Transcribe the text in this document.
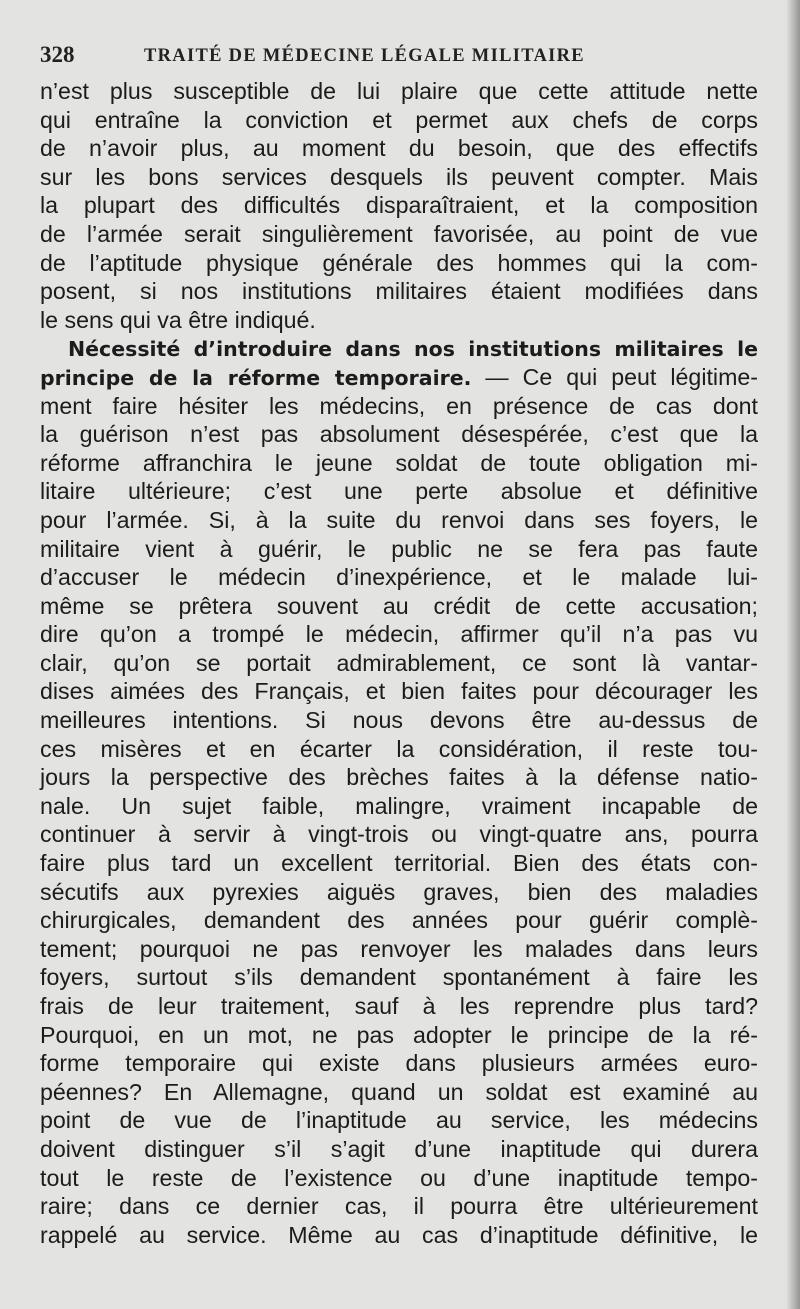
328	TRAITÉ DE MÉDECINE LÉGALE MILITAIRE
n’est plus susceptible de lui plaire que cette attitude nette
qui entraîne la conviction et permet aux chefs de corps
de n’avoir plus, au moment du besoin, que des effectifs
sur les bons services desquels ils peuvent compter. Mais
la plupart des difficultés disparaîtraient, et la composition
de l’armée serait singulièrement favorisée, au point de vue
de l’aptitude physique générale des hommes qui la com-
posent, si nos institutions militaires étaient modifiées dans
le sens qui va être indiqué.
Nécessité d’introduire dans nos institutions militaires le
principe de la réforme temporaire. — Ce qui peut légitime-
ment faire hésiter les médecins, en présence de cas dont
la guérison n’est pas absolument désespérée, c’est que la
réforme affranchira le jeune soldat de toute obligation mi-
litaire ultérieure; c’est une perte absolue et définitive
pour l’armée. Si, à la suite du renvoi dans ses foyers, le
militaire vient à guérir, le public ne se fera pas faute
d’accuser le médecin d’inexpérience, et le malade lui-
même se prêtera souvent au crédit de cette accusation;
dire qu’on a trompé le médecin, affirmer qu’il n’a pas vu
clair, qu’on se portait admirablement, ce sont là vantar-
dises aimées des Français, et bien faites pour décourager les
meilleures intentions. Si nous devons être au-dessus de
ces misères et en écarter la considération, il reste tou-
jours la perspective des brèches faites à la défense natio-
nale. Un sujet faible, malingre, vraiment incapable de
continuer à servir à vingt-trois ou vingt-quatre ans, pourra
faire plus tard un excellent territorial. Bien des états con-
sécutifs aux pyrexies aiguës graves, bien des maladies
chirurgicales, demandent des années pour guérir complè-
tement; pourquoi ne pas renvoyer les malades dans leurs
foyers, surtout s’ils demandent spontanément à faire les
frais de leur traitement, sauf à les reprendre plus tard?
Pourquoi, en un mot, ne pas adopter le principe de la ré-
forme temporaire qui existe dans plusieurs armées euro-
péennes? En Allemagne, quand un soldat est examiné au
point de vue de l’inaptitude au service, les médecins
doivent distinguer s’il s’agit d’une inaptitude qui durera
tout le reste de l’existence ou d’une inaptitude tempo-
raire; dans ce dernier cas, il pourra être ultérieurement
rappelé au service. Même au cas d’inaptitude définitive, le
